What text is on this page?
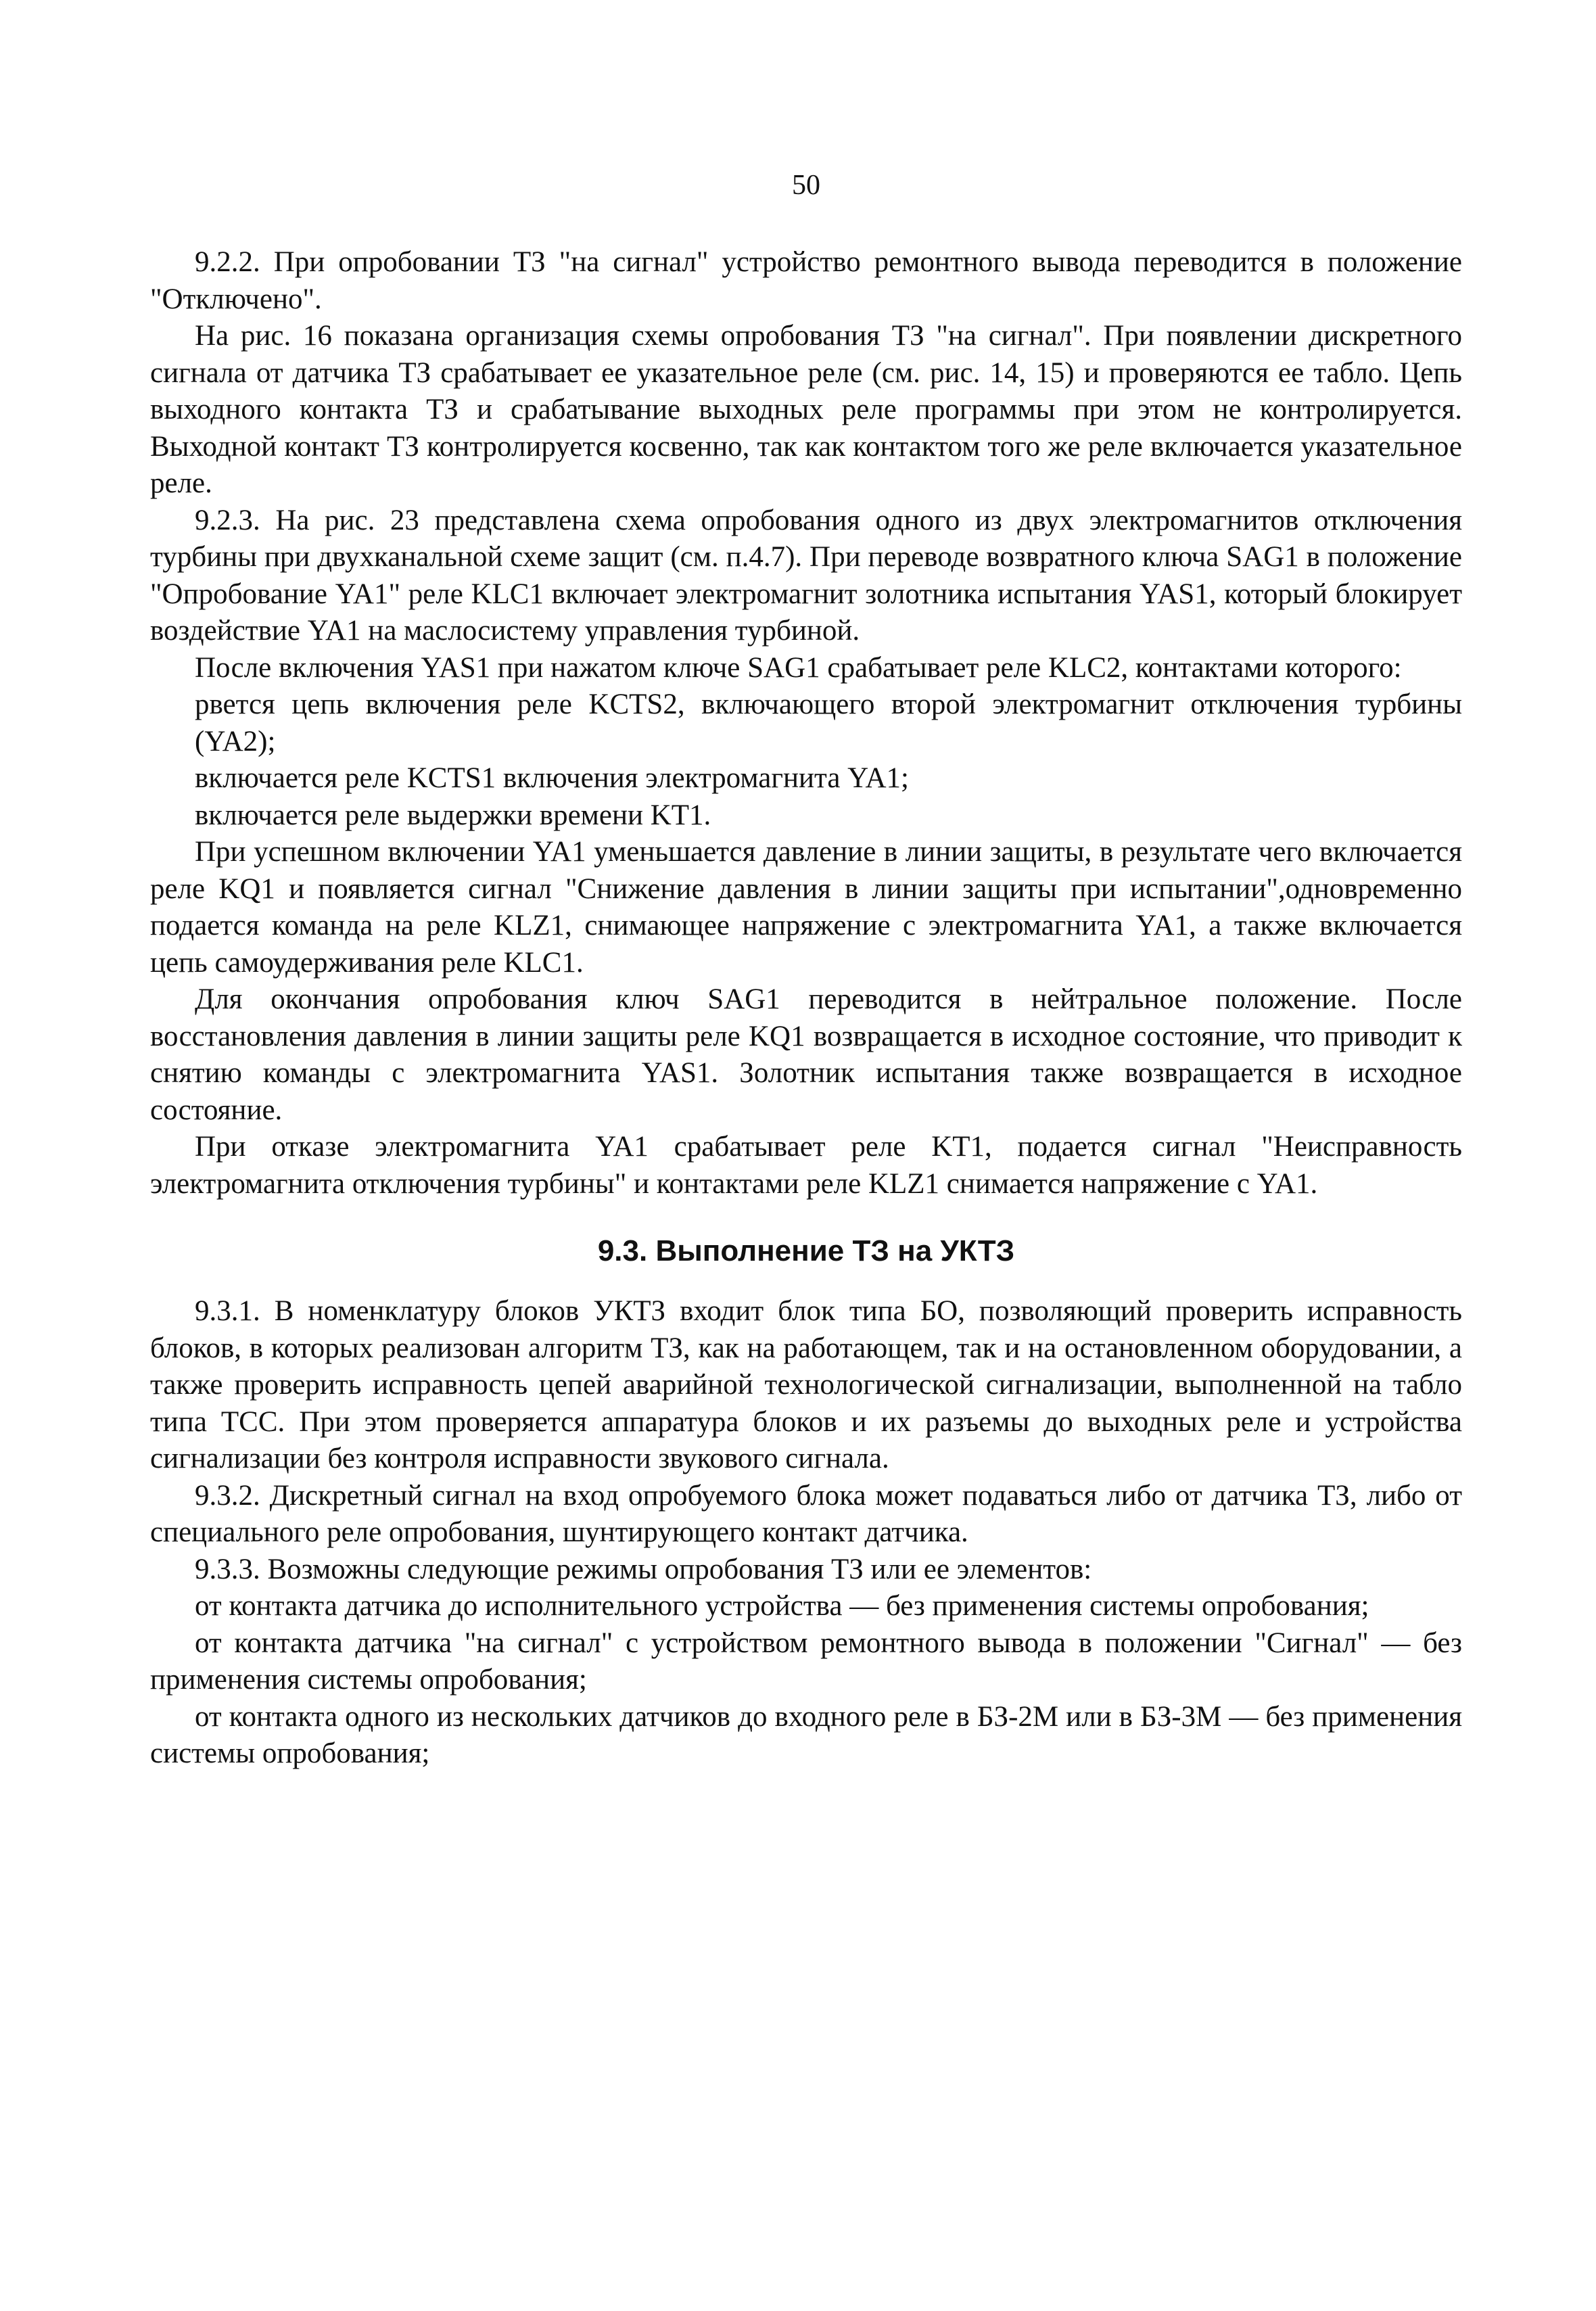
50

9.2.2. При опробовании ТЗ "на сигнал" устройство ремонтного вывода переводится в положение "Отключено".

На рис. 16 показана организация схемы опробования ТЗ "на сигнал". При появлении дискретного сигнала от датчика ТЗ срабатывает ее указательное реле (см. рис. 14, 15) и проверяются ее табло. Цепь выходного контакта ТЗ и срабатывание выходных реле программы при этом не контролируется. Выходной контакт ТЗ контролируется косвенно, так как контактом того же реле включается указательное реле.

9.2.3. На рис. 23 представлена схема опробования одного из двух электромагнитов отключения турбины при двухканальной схеме защит (см. п.4.7). При переводе возвратного ключа SAG1 в положение "Опробование YA1" реле KLC1 включает электромагнит золотника испытания YAS1, который блокирует воздействие YA1 на маслосистему управления турбиной.

После включения YAS1 при нажатом ключе SAG1 срабатывает реле KLC2, контактами которого:

рвется цепь включения реле KCTS2, включающего второй электромагнит отключения турбины (YA2);

включается реле KCTS1 включения электромагнита YA1;

включается реле выдержки времени KT1.

При успешном включении YA1 уменьшается давление в линии защиты, в результате чего включается реле KQ1 и появляется сигнал "Снижение давления в линии защиты при испытании",одновременно подается команда на реле KLZ1, снимающее напряжение с электромагнита YA1, а также включается цепь самоудерживания реле KLC1.

Для окончания опробования ключ SAG1 переводится в нейтральное положение. После восстановления давления в линии защиты реле KQ1 возвращается в исходное состояние, что приводит к снятию команды с электромагнита YAS1. Золотник испытания также возвращается в исходное состояние.

При отказе электромагнита YA1 срабатывает реле KT1, подается сигнал "Неисправность электромагнита отключения турбины" и контактами реле KLZ1 снимается напряжение с YA1.

9.3. Выполнение ТЗ на УКТЗ

9.3.1. В номенклатуру блоков УКТЗ входит блок типа БО, позволяющий проверить исправность блоков, в которых реализован алгоритм ТЗ, как на работающем, так и на остановленном оборудовании, а также проверить исправность цепей аварийной технологической сигнализации, выполненной на табло типа ТСС. При этом проверяется аппаратура блоков и их разъемы до выходных реле и устройства сигнализации без контроля исправности звукового сигнала.

9.3.2. Дискретный сигнал на вход опробуемого блока может подаваться либо от датчика ТЗ, либо от специального реле опробования, шунтирующего контакт датчика.

9.3.3. Возможны следующие режимы опробования ТЗ или ее элементов:

от контакта датчика до исполнительного устройства — без применения системы опробования;

от контакта датчика "на сигнал" с устройством ремонтного вывода в положении "Сигнал" — без применения системы опробования;

от контакта одного из нескольких датчиков до входного реле в БЗ-2М или в БЗ-3М — без применения системы опробования;
